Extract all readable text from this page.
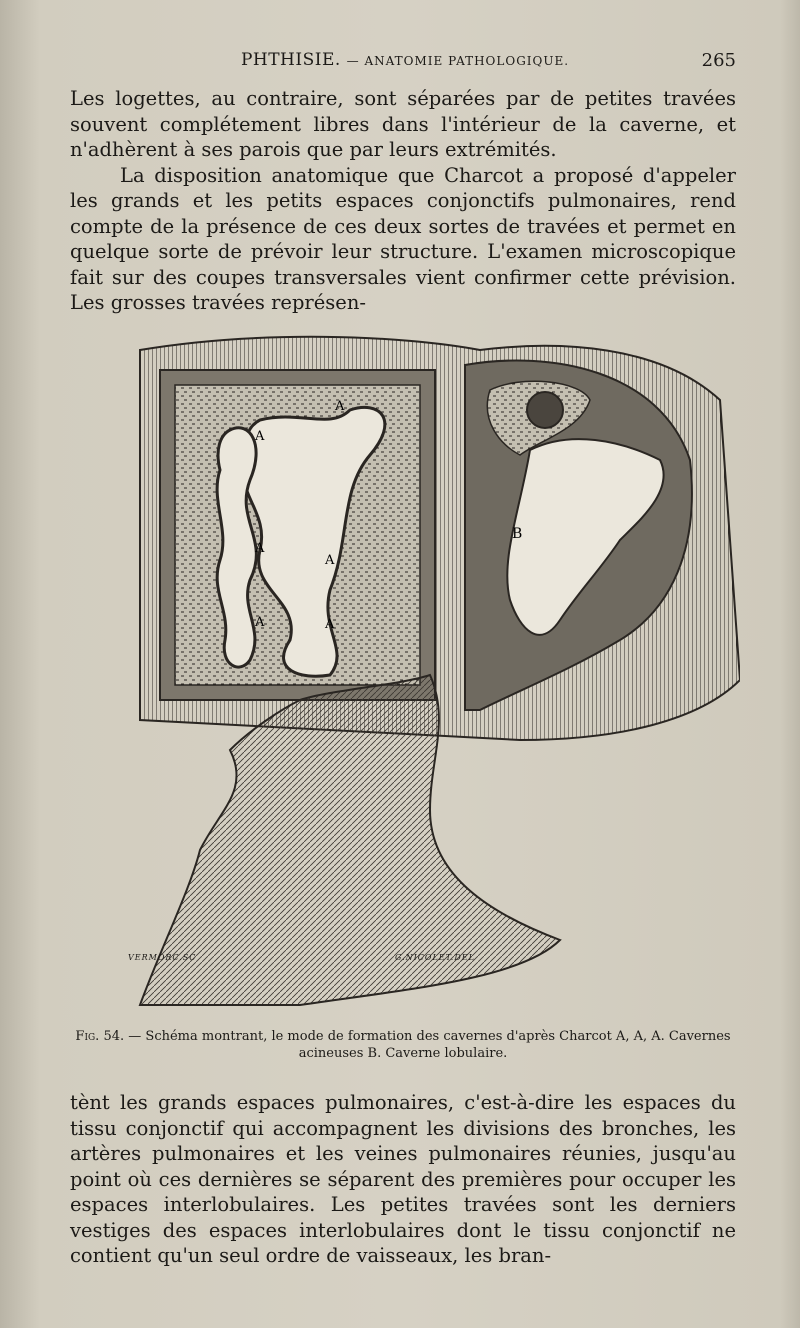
PHTHISIE. — ANATOMIE PATHOLOGIQUE.	265

Les logettes, au contraire, sont séparées par de petites travées souvent complétement libres dans l'intérieur de la caverne, et n'adhèrent à ses parois que par leurs extrémités.

La disposition anatomique que Charcot a proposé d'appeler les grands et les petits espaces conjonctifs pulmonaires, rend compte de la présence de ces deux sortes de travées et permet en quelque sorte de prévoir leur structure. L'examen microscopique fait sur des coupes transversales vient confirmer cette prévision. Les grosses travées représen-

A
A
A
A
A	A
B
VERMORC.SC	G.NICOLET.DEL
Fig. 54. — Schéma montrant, le mode de formation des cavernes d'après Charcot A, A, A. Cavernes acineuses B. Caverne lobulaire.

tènt les grands espaces pulmonaires, c'est-à-dire les espaces du tissu conjonctif qui accompagnent les divisions des bronches, les artères pulmonaires et les veines pulmonaires réunies, jusqu'au point où ces dernières se séparent des premières pour occuper les espaces interlobulaires. Les petites travées sont les derniers vestiges des espaces interlobulaires dont le tissu conjonctif ne contient qu'un seul ordre de vaisseaux, les bran-
